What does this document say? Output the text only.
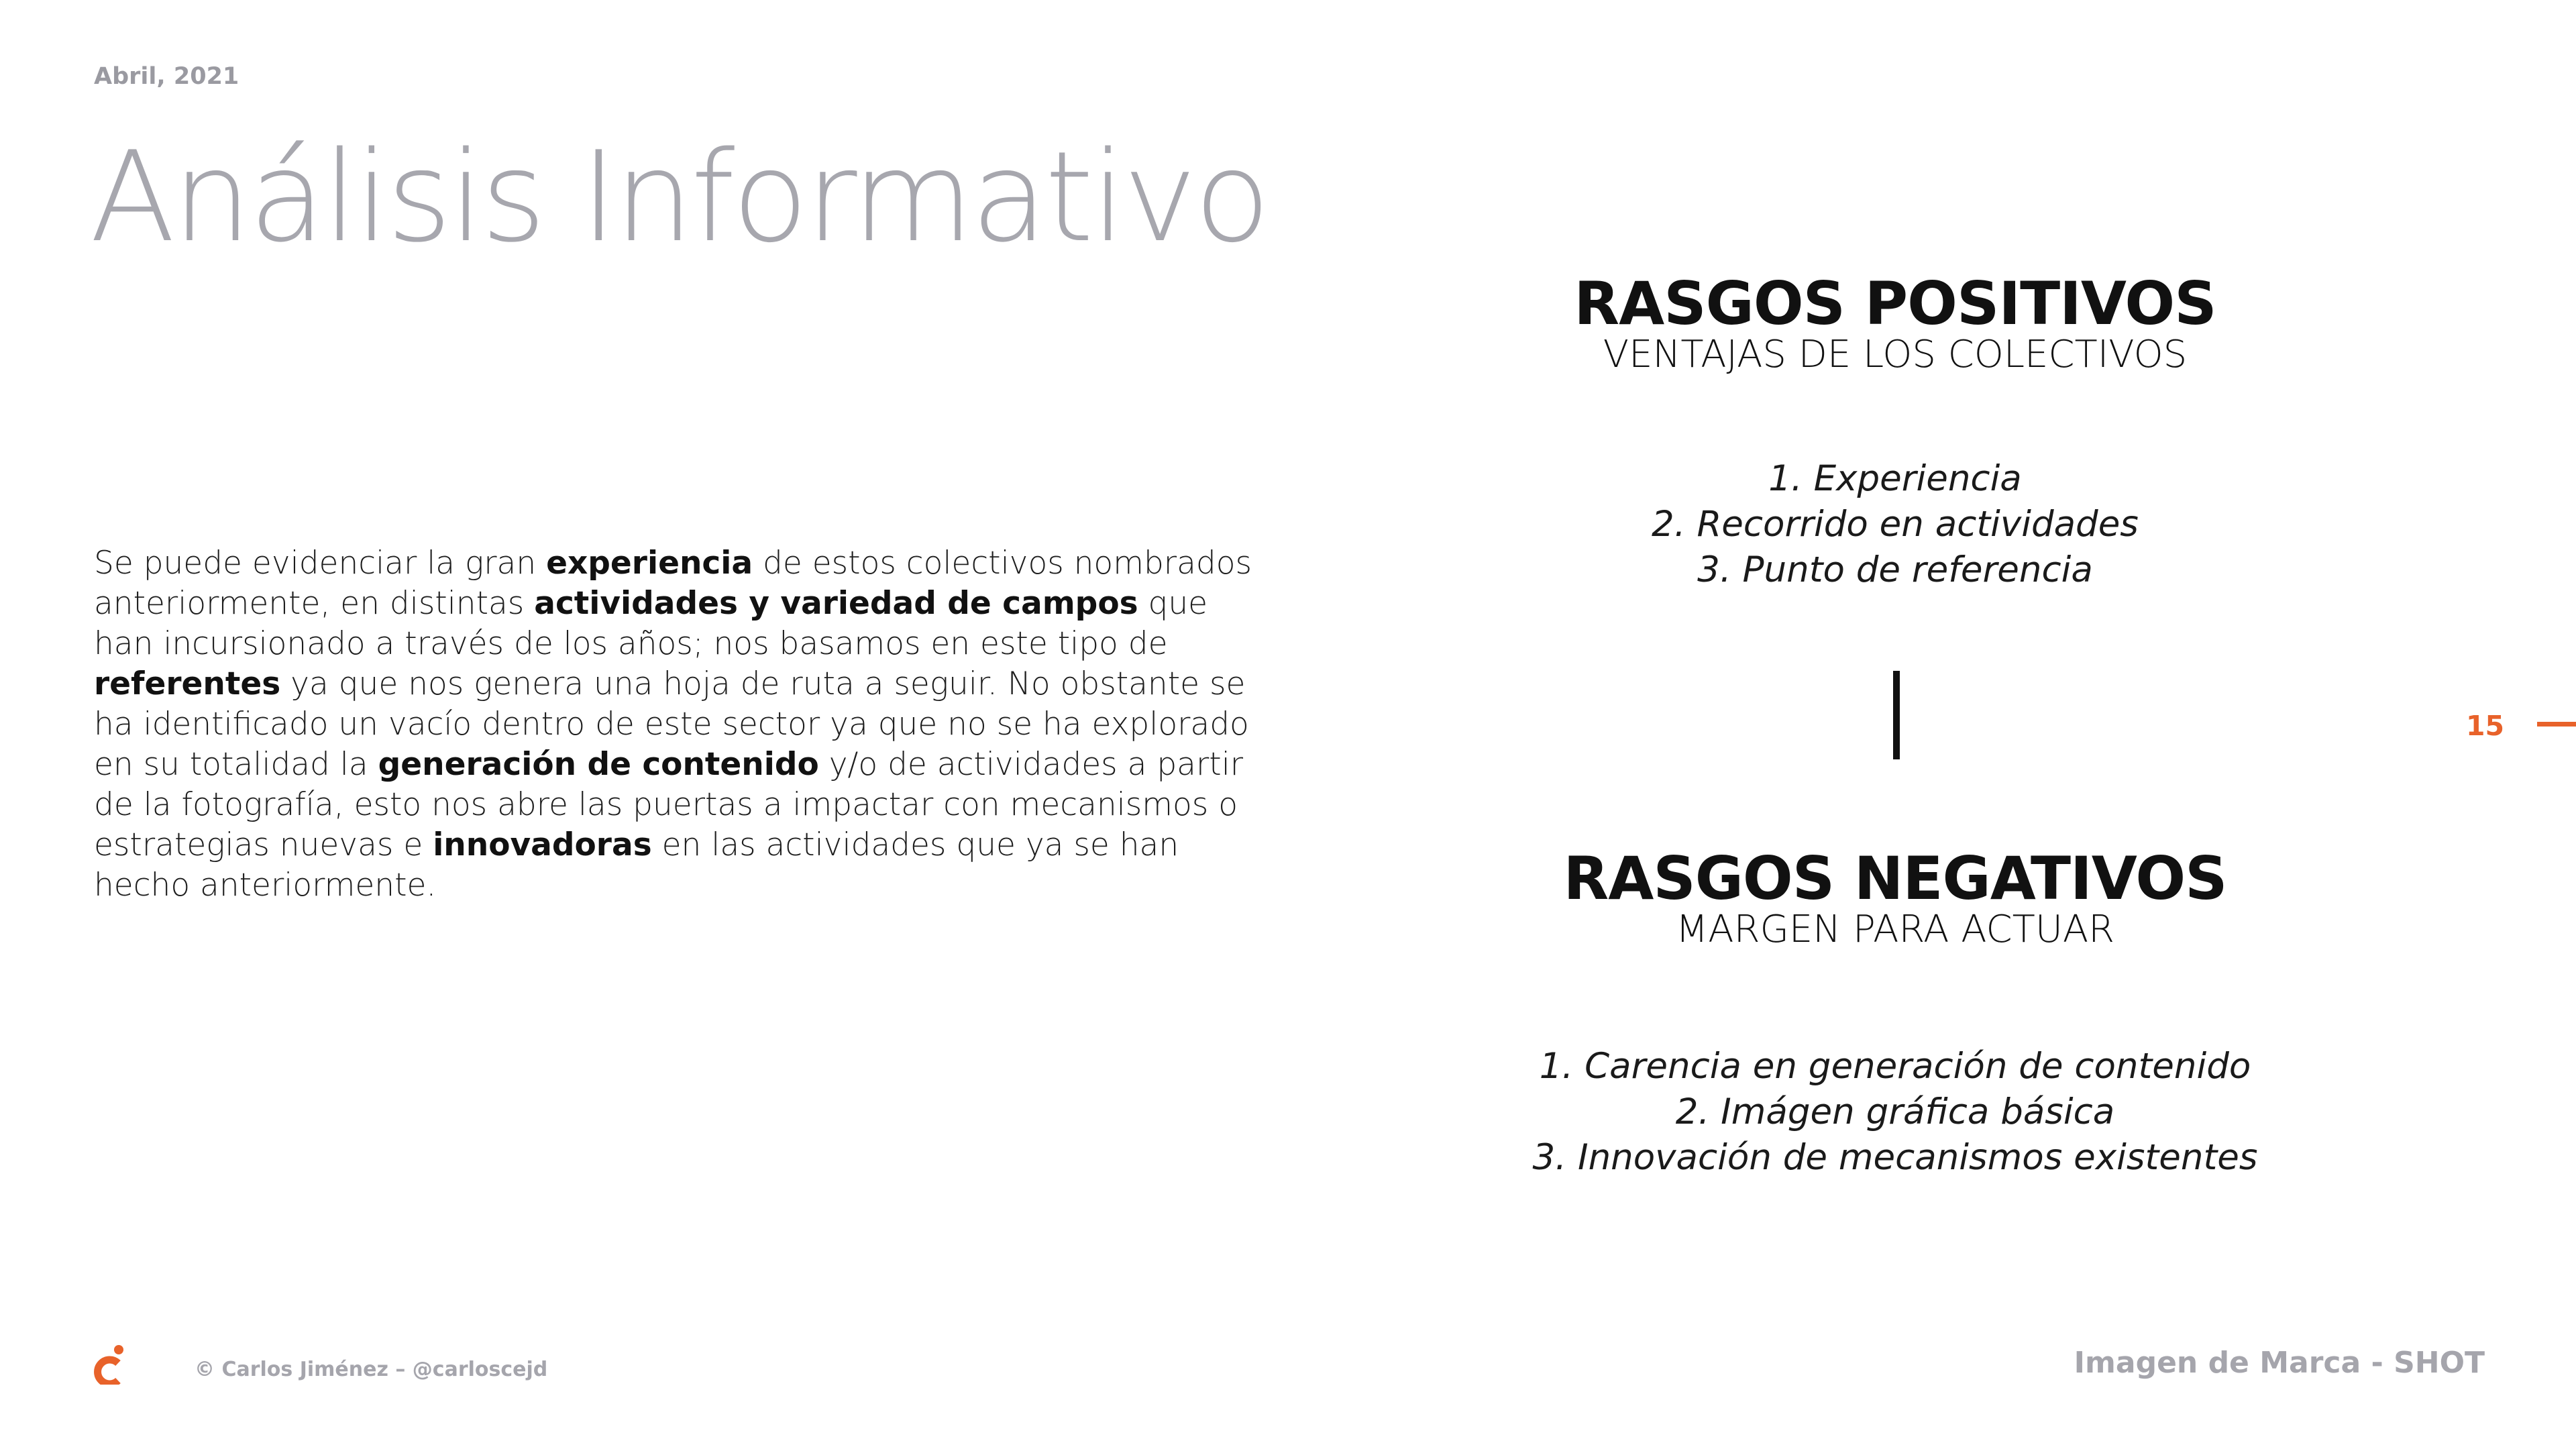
Abril, 2021
Análisis Informativo
Se puede evidenciar la gran experiencia de estos colectivos nombrados anteriormente, en distintas actividades y variedad de campos que han incursionado a través de los años; nos basamos en este tipo de referentes ya que nos genera una hoja de ruta a seguir. No obstante se ha identificado un vacío dentro de este sector ya que no se ha explorado en su totalidad la generación de contenido y/o de actividades a partir de la fotografía, esto nos abre las puertas a impactar con mecanismos o estrategias nuevas e innovadoras en las actividades que ya se han hecho anteriormente.
RASGOS POSITIVOS
VENTAJAS DE LOS COLECTIVOS
1. Experiencia
2. Recorrido en actividades
3. Punto de referencia
RASGOS NEGATIVOS
MARGEN PARA ACTUAR
1. Carencia en generación de contenido
2. Imágen gráfica básica
3. Innovación de mecanismos existentes
15
© Carlos Jiménez – @carloscejd	Imagen de Marca - SHOT
